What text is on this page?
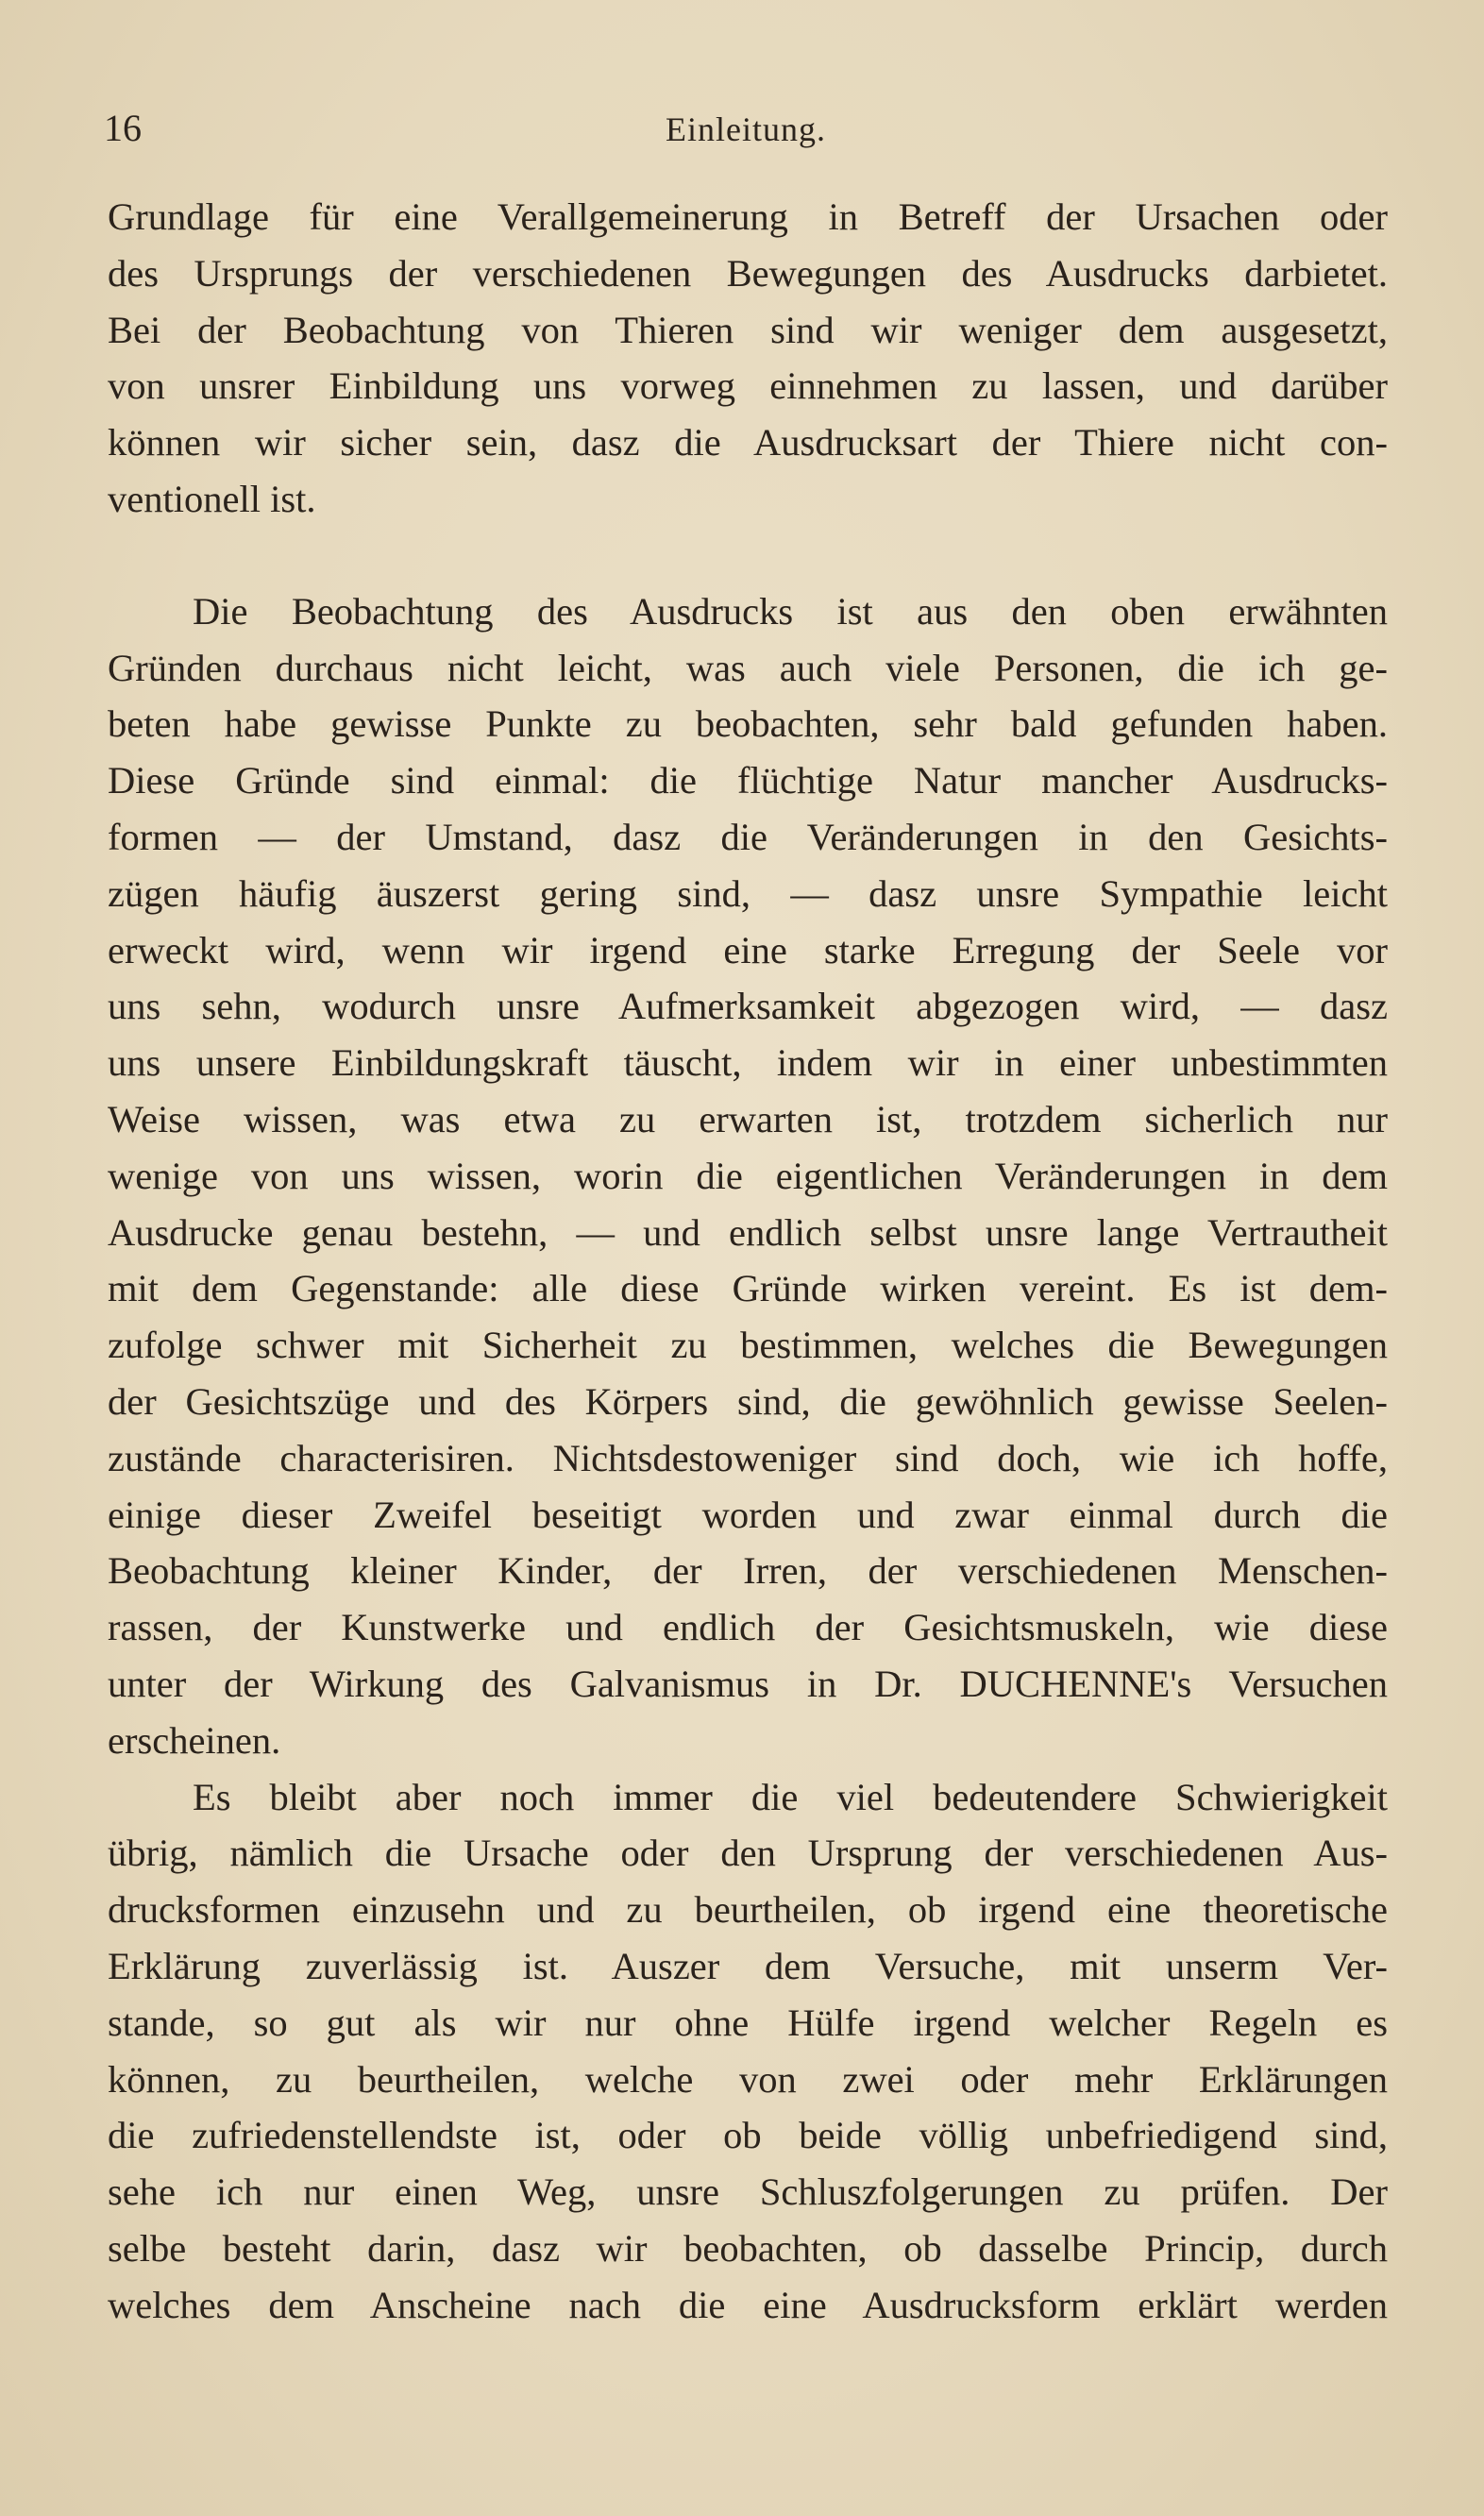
16	Einleitung.
Grundlage für eine Verallgemeinerung in Betreff der Ursachen oder
des Ursprungs der verschiedenen Bewegungen des Ausdrucks darbietet.
Bei der Beobachtung von Thieren sind wir weniger dem ausgesetzt,
von unsrer Einbildung uns vorweg einnehmen zu lassen, und darüber
können wir sicher sein, dasz die Ausdrucksart der Thiere nicht con-
ventionell ist.
Die Beobachtung des Ausdrucks ist aus den oben erwähnten
Gründen durchaus nicht leicht, was auch viele Personen, die ich ge-
beten habe gewisse Punkte zu beobachten, sehr bald gefunden haben.
Diese Gründe sind einmal: die flüchtige Natur mancher Ausdrucks-
formen — der Umstand, dasz die Veränderungen in den Gesichts-
zügen häufig äuszerst gering sind, — dasz unsre Sympathie leicht
erweckt wird, wenn wir irgend eine starke Erregung der Seele vor
uns sehn, wodurch unsre Aufmerksamkeit abgezogen wird, — dasz
uns unsere Einbildungskraft täuscht, indem wir in einer unbestimmten
Weise wissen, was etwa zu erwarten ist, trotzdem sicherlich nur
wenige von uns wissen, worin die eigentlichen Veränderungen in dem
Ausdrucke genau bestehn, — und endlich selbst unsre lange Vertrautheit
mit dem Gegenstande: alle diese Gründe wirken vereint. Es ist dem-
zufolge schwer mit Sicherheit zu bestimmen, welches die Bewegungen
der Gesichtszüge und des Körpers sind, die gewöhnlich gewisse Seelen-
zustände characterisiren. Nichtsdestoweniger sind doch, wie ich hoffe,
einige dieser Zweifel beseitigt worden und zwar einmal durch die
Beobachtung kleiner Kinder, der Irren, der verschiedenen Menschen-
rassen, der Kunstwerke und endlich der Gesichtsmuskeln, wie diese
unter der Wirkung des Galvanismus in Dr. DUCHENNE's Versuchen
erscheinen.
Es bleibt aber noch immer die viel bedeutendere Schwierigkeit
übrig, nämlich die Ursache oder den Ursprung der verschiedenen Aus-
drucksformen einzusehn und zu beurtheilen, ob irgend eine theoretische
Erklärung zuverlässig ist. Auszer dem Versuche, mit unserm Ver-
stande, so gut als wir nur ohne Hülfe irgend welcher Regeln es
können, zu beurtheilen, welche von zwei oder mehr Erklärungen
die zufriedenstellendste ist, oder ob beide völlig unbefriedigend sind,
sehe ich nur einen Weg, unsre Schluszfolgerungen zu prüfen. Der
selbe besteht darin, dasz wir beobachten, ob dasselbe Princip, durch
welches dem Anscheine nach die eine Ausdrucksform erklärt werden
